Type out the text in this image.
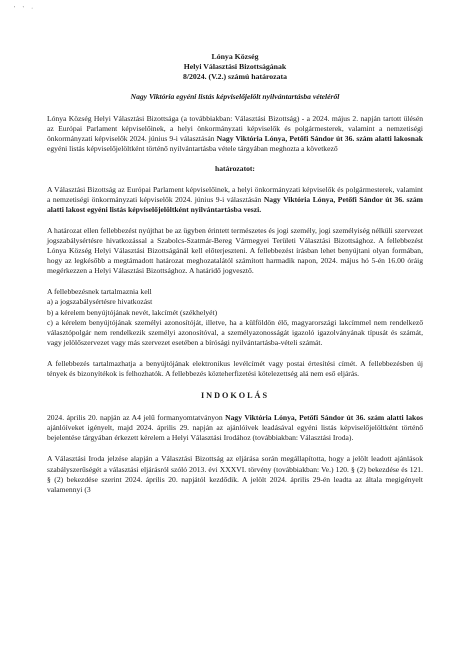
' ' ·
Lónya Község
Helyi Választási Bizottságának
8/2024. (V.2.) számú határozata
Nagy Viktória egyéni listás képviselőjelölt nyilvántartásba vételéről

Lónya Község Helyi Választási Bizottsága (a továbbiakban: Választási Bizottság) - a 2024. május 2. napján tartott ülésén az Európai Parlament képviselőinek, a helyi önkormányzati képviselők és polgármesterek, valamint a nemzetiségi önkormányzati képviselők 2024. június 9-i választásán Nagy Viktória Lónya, Petőfi Sándor út 36. szám alatti lakosnak egyéni listás képviselőjelöltként történő nyilvántartásba vétele tárgyában meghozta a következő

határozatot:

A Választási Bizottság az Európai Parlament képviselőinek, a helyi önkormányzati képviselők és polgármesterek, valamint a nemzetiségi önkormányzati képviselők 2024. június 9-i választásán Nagy Viktória Lónya, Petőfi Sándor út 36. szám alatti lakost egyéni listás képviselőjelöltként nyilvántartásba veszi.

A határozat ellen fellebbezést nyújthat be az ügyben érintett természetes és jogi személy, jogi személyiség nélküli szervezet jogszabálysértésre hivatkozással a Szabolcs-Szatmár-Bereg Vármegyei Területi Választási Bizottsághoz. A fellebbezést Lónya Község Helyi Választási Bizottságánál kell előterjeszteni. A fellebbezést írásban lehet benyújtani olyan formában, hogy az legkésőbb a megtámadott határozat meghozatalától számított harmadik napon, 2024. május hó 5-én 16.00 óráig megérkezzen a Helyi Választási Bizottsághoz. A határidő jogvesztő.

A fellebbezésnek tartalmaznia kell

a) a jogszabálysértésre hivatkozást

b) a kérelem benyújtójának nevét, lakcímét (székhelyét)

c) a kérelem benyújtójának személyi azonosítóját, illetve, ha a külföldön élő, magyarországi lakcímmel nem rendelkező választópolgár nem rendelkezik személyi azonosítóval, a személyazonosságát igazoló igazolványának típusát és számát, vagy jelölőszervezet vagy más szervezet esetében a bírósági nyilvántartásba-vételi számát.

A fellebbezés tartalmazhatja a benyújtójának elektronikus levélcímét vagy postai értesítési címét. A fellebbezésben új tények és bizonyítékok is felhozhatók. A fellebbezés közteherfizetési kötelezettség alá nem eső eljárás.

INDOKOLÁS

2024. április 20. napján az A4 jelű formanyomtatványon Nagy Viktória Lónya, Petőfi Sándor út 36. szám alatti lakos ajánlóíveket igényelt, majd 2024. április 29. napján az ajánlóívek leadásával egyéni listás képviselőjelöltként történő bejelentése tárgyában érkezett kérelem a Helyi Választási Irodához (továbbiakban: Választási Iroda).

A Választási Iroda jelzése alapján a Választási Bizottság az eljárása során megállapította, hogy a jelölt leadott ajánlások szabályszerűségét a választási eljárásról szóló 2013. évi XXXVI. törvény (továbbiakban: Ve.) 120. § (2) bekezdése és 121. § (2) bekezdése szerint 2024. április 20. napjától kezdődik. A jelölt 2024. április 29-én leadta az általa megigényelt valamennyi (3
